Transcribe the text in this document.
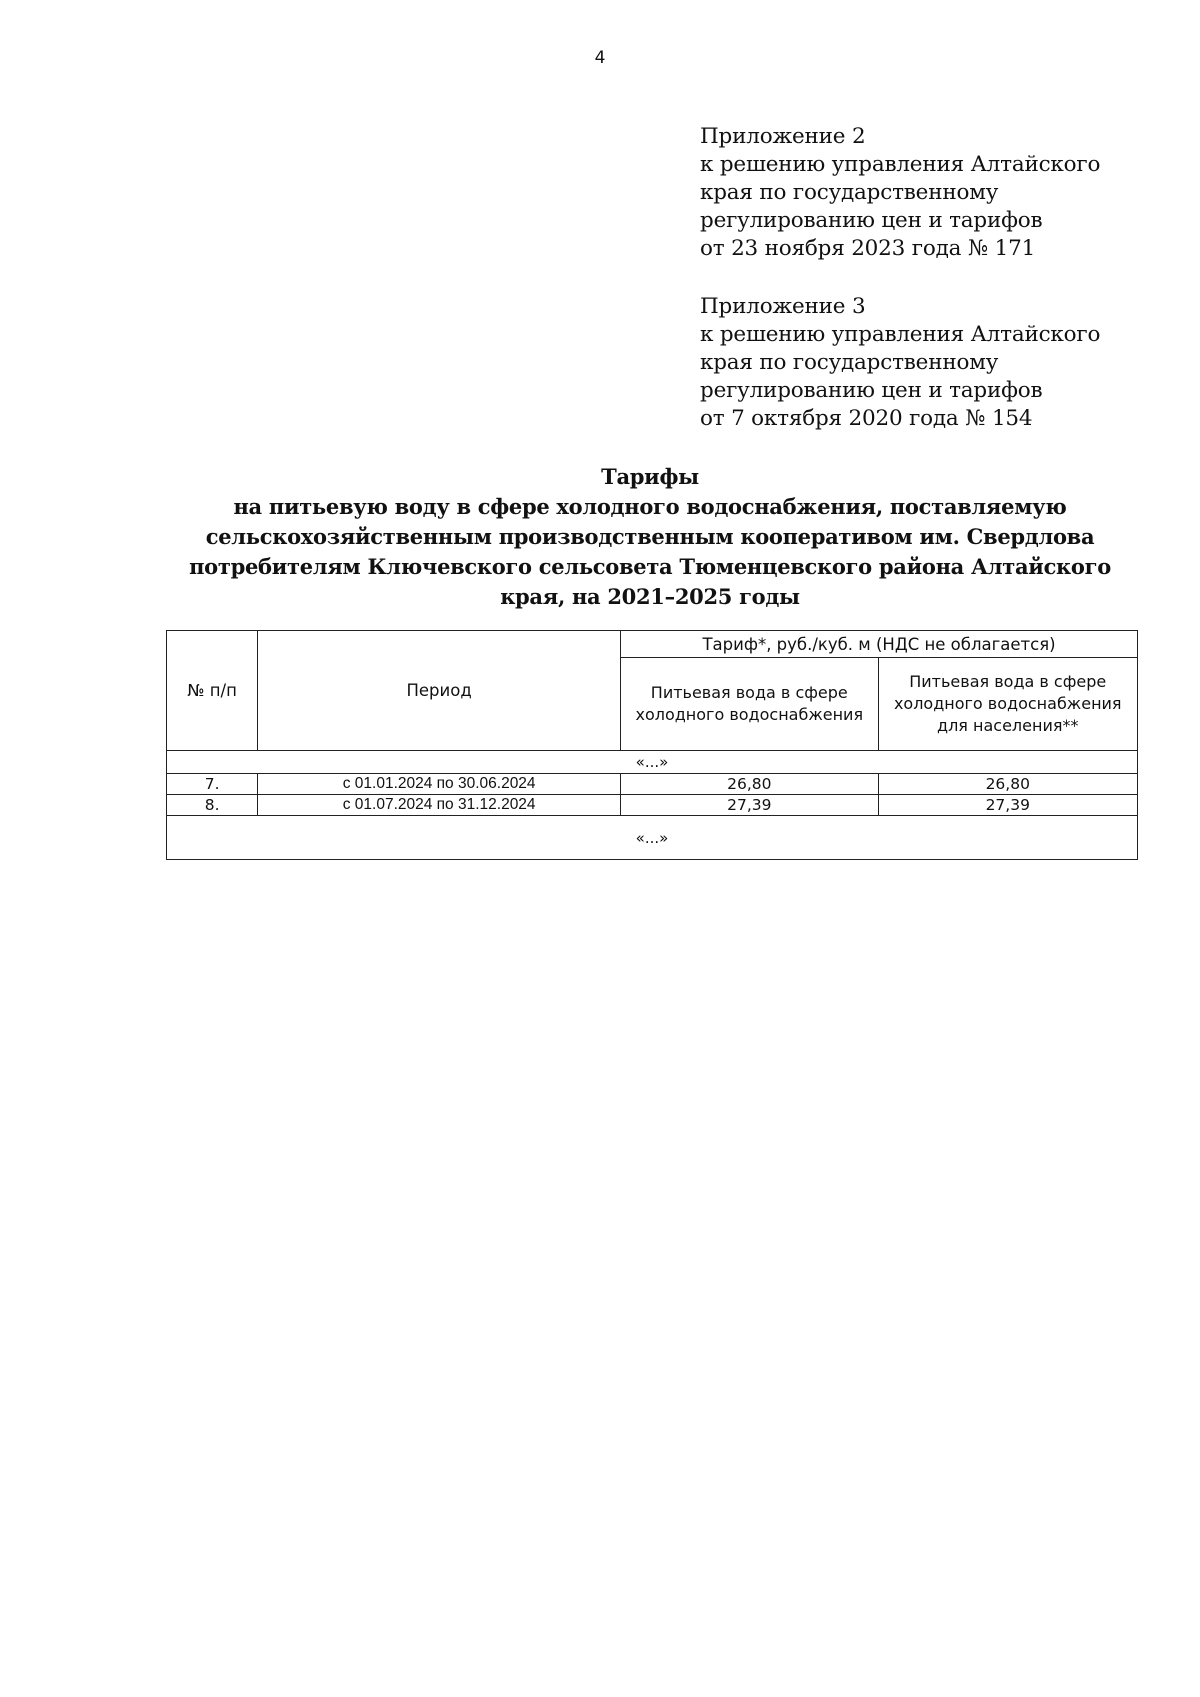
4
Приложение 2
к решению управления Алтайского
края по государственному
регулированию цен и тарифов
от 23 ноября 2023 года № 171
Приложение 3
к решению управления Алтайского
края по государственному
регулированию цен и тарифов
от 7 октября 2020 года № 154
Тарифы
на питьевую воду в сфере холодного водоснабжения, поставляемую
сельскохозяйственным производственным кооперативом им. Свердлова
потребителям Ключевского сельсовета Тюменцевского района Алтайского
края, на 2021–2025 годы
№ п/п	Период	Тариф*, руб./куб. м (НДС не облагается)	
		Питьевая вода в сфере холодного водоснабжения	Питьевая вода в сфере холодного водоснабжения для населения**
«...»			
7.	с 01.01.2024 по 30.06.2024	26,80	26,80
8.	с 01.07.2024 по 31.12.2024	27,39	27,39
«...»			
